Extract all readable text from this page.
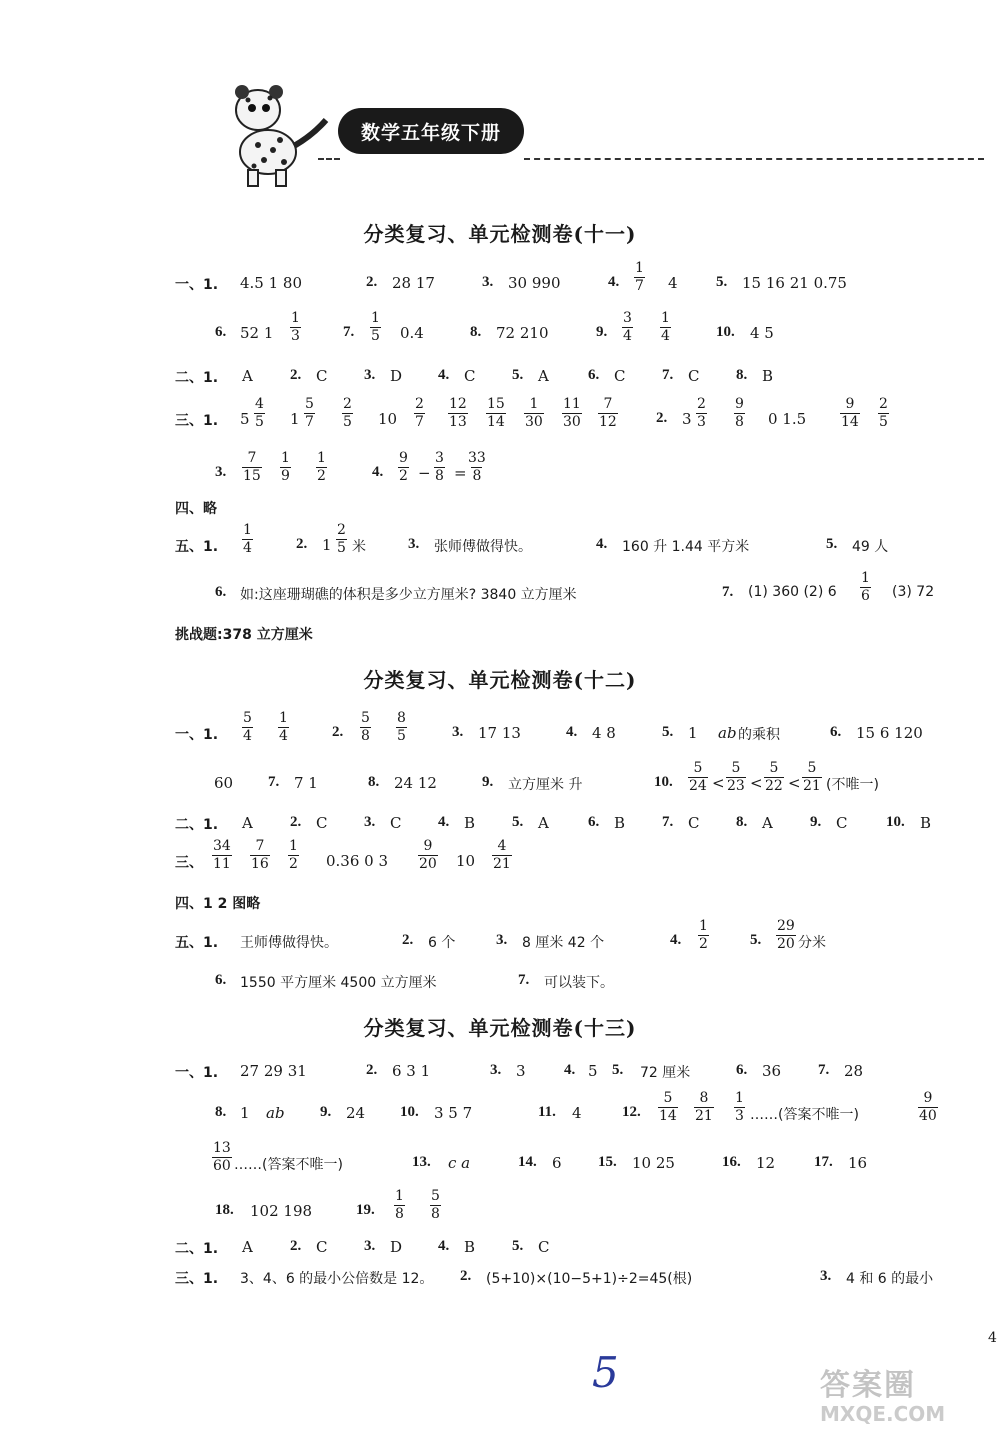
数学五年级下册
分类复习、单元检测卷(十一)
一、1. 4.5 1 80	2. 28 17	3. 30 990	4.
1
7 4	5. 15 16 21 0.75
6. 52 1
1
3	7.
1
5 0.4	8. 72 210	9.
3
4
1
4	10. 4 5
二、1. A 2. C 3. D 4. C 5. A	6. C 7. C 8. B
三、1. 5
4
5 1
5
7
2
5 10
2
7
12
13
15
14
1
30
11
30
7
12	2. 3
2
3
9
8 0 1.5
9
14
2
5
3.
7
15
1
9
1
2	4.
9
2 −
3
8 =
33
8
四、略
五、1.
1
4	2. 1
2
5 米	3. 张师傅做得快。	4. 160 升 1.44 平方米	5. 49 人
6. 如:这座珊瑚礁的体积是多少立方厘米? 3840 立方厘米	7. (1) 360 (2) 6
1
6 (3) 72
挑战题:378 立方厘米
分类复习、单元检测卷(十二)
一、1.
5
4
1
4	2.
5
8
8
5	3. 17 13	4. 4 8	5. 1 ab 的乘积	6. 15 6 120
60 7. 7 1	8. 24 12	9. 立方厘米 升	10.
5
24 <
5
23 <
5
22 <
5
21 (不唯一)
二、1. A 2. C 3. C 4. B 5. A	6. B 7. C 8. A 9. C	10. B
三、
34
11
7
16
1
2 0.36 0 3
9
20 10
4
21
四、1 2 图略
五、1. 王师傅做得快。	2. 6 个	3. 8 厘米 42 个	4.
1
2	5.
29
20 分米
6. 1550 平方厘米 4500 立方厘米	7. 可以装下。
分类复习、单元检测卷(十三)
一、1. 27 29 31	2. 6 3 1	3. 3	4. 5 5. 72 厘米	6. 36 7. 28
8. 1 ab 9. 24 10. 3 5 7	11. 4	12.
5
14
8
21
1
3 ……(答案不唯一)
9
40
13
60 ……(答案不唯一)	13. c a	14. 6 15. 10 25	16. 12	17. 16
18. 102 198	19.
1
8
5
8
二、1. A 2. C 3. D 4. B 5. C
三、1. 3、4、6 的最小公倍数是 12。 2. (5+10)×(10−5+1)÷2=45(根)	3. 4 和 6 的最小
4
5	答案圈
MXQE.COM
